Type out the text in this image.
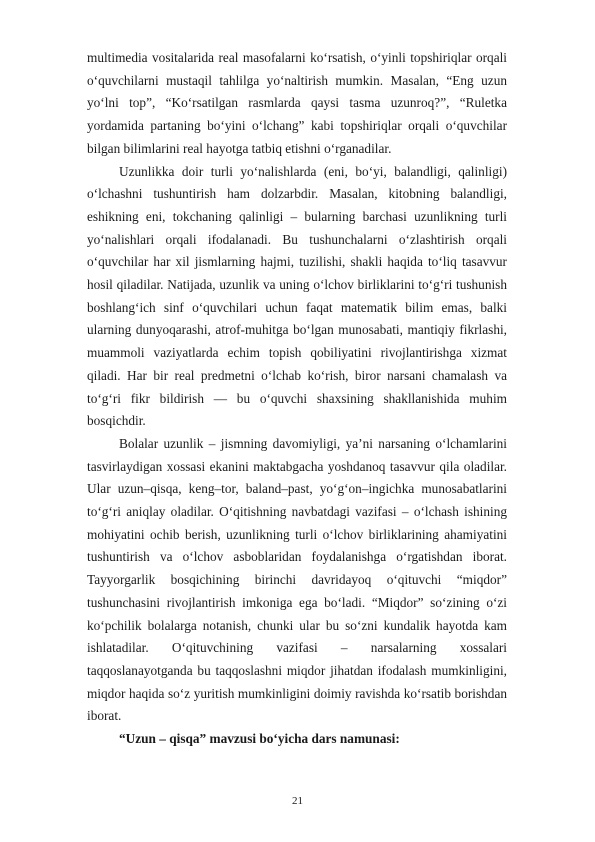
multimedia vositalarida real masofalarni ko‘rsatish, o‘yinli topshiriqlar orqali o‘quvchilarni mustaqil tahlilga yo‘naltirish mumkin. Masalan, “Eng uzun yo‘lni top”, “Ko‘rsatilgan rasmlarda qaysi tasma uzunroq?”, “Ruletka yordamida partaning bo‘yini o‘lchang” kabi topshiriqlar orqali o‘quvchilar bilgan bilimlarini real hayotga tatbiq etishni o‘rganadilar.

Uzunlikka doir turli yo‘nalishlarda (eni, bo‘yi, balandligi, qalinligi) o‘lchashni tushuntirish ham dolzarbdir. Masalan, kitobning balandligi, eshikning eni, tokchaning qalinligi – bularning barchasi uzunlikning turli yo‘nalishlari orqali ifodalanadi. Bu tushunchalarni o‘zlashtirish orqali o‘quvchilar har xil jismlarning hajmi, tuzilishi, shakli haqida to‘liq tasavvur hosil qiladilar. Natijada, uzunlik va uning o‘lchov birliklarini to‘g‘ri tushunish boshlang‘ich sinf o‘quvchilari uchun faqat matematik bilim emas, balki ularning dunyoqarashi, atrof-muhitga bo‘lgan munosabati, mantiqiy fikrlashi, muammoli vaziyatlarda echim topish qobiliyatini rivojlantirishga xizmat qiladi. Har bir real predmetni o‘lchab ko‘rish, biror narsani chamalash va to‘g‘ri fikr bildirish — bu o‘quvchi shaxsining shakllanishida muhim bosqichdir.

Bolalar uzunlik – jismning davomiyligi, ya’ni narsaning o‘lchamlarini tasvirlaydigan xossasi ekanini maktabgacha yoshdanoq tasavvur qila oladilar. Ular uzun–qisqa, keng–tor, baland–past, yo‘g‘on–ingichka munosabatlarini to‘g‘ri aniqlay oladilar. O‘qitishning navbatdagi vazifasi – o‘lchash ishining mohiyatini ochib berish, uzunlikning turli o‘lchov birliklarining ahamiyatini tushuntirish va o‘lchov asboblaridan foydalanishga o‘rgatishdan iborat. Tayyorgarlik bosqichining birinchi davridayoq o‘qituvchi “miqdor” tushunchasini rivojlantirish imkoniga ega bo‘ladi. “Miqdor” so‘zining o‘zi ko‘pchilik bolalarga notanish, chunki ular bu so‘zni kundalik hayotda kam ishlatadilar. O‘qituvchining vazifasi – narsalarning xossalari taqqoslanayotganda bu taqqoslashni miqdor jihatdan ifodalash mumkinligini, miqdor haqida so‘z yuritish mumkinligini doimiy ravishda ko‘rsatib borishdan iborat.

“Uzun – qisqa” mavzusi bo‘yicha dars namunasi:

21
